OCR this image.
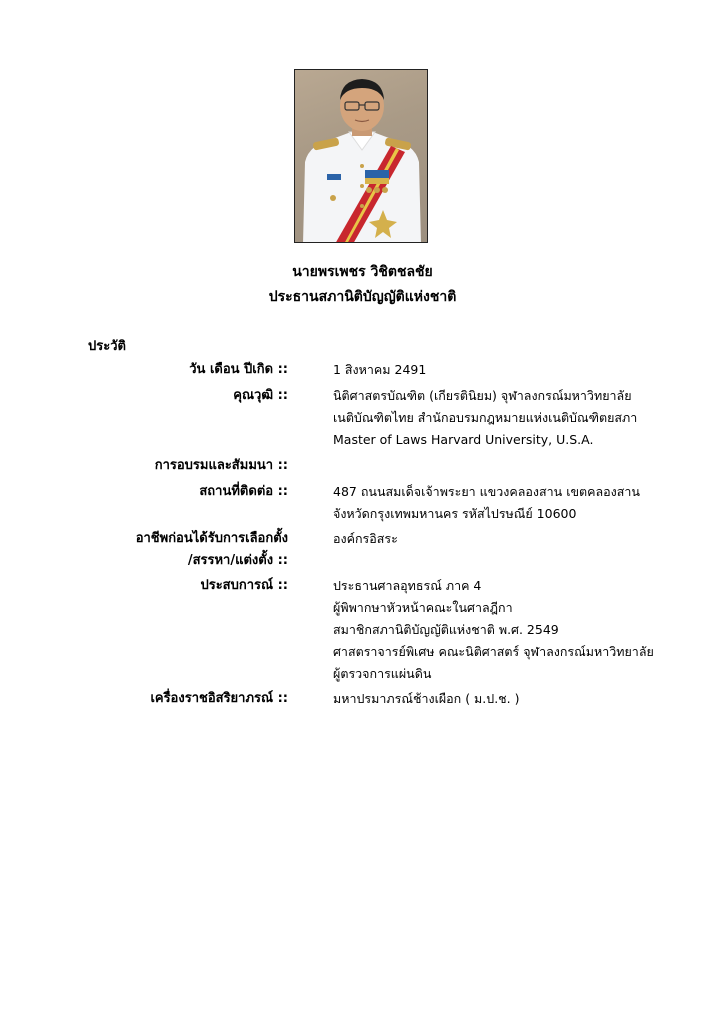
นายพรเพชร วิชิตชลชัย
ประธานสภานิติบัญญัติแห่งชาติ
ประวัติ
วัน เดือน ปีเกิด ::	1 สิงหาคม 2491
คุณวุฒิ ::	นิติศาสตรบัณฑิต (เกียรตินิยม) จุฬาลงกรณ์มหาวิทยาลัย
เนติบัณฑิตไทย สำนักอบรมกฎหมายแห่งเนติบัณฑิตยสภา
Master of Laws Harvard University, U.S.A.
การอบรมและสัมมนา ::
สถานที่ติดต่อ ::	487 ถนนสมเด็จเจ้าพระยา แขวงคลองสาน เขตคลองสาน
จังหวัดกรุงเทพมหานคร รหัสไปรษณีย์ 10600
อาชีพก่อนได้รับการเลือกตั้ง
/สรรหา/แต่งตั้ง ::
องค์กรอิสระ
ประสบการณ์ ::	ประธานศาลอุทธรณ์ ภาค 4
ผู้พิพากษาหัวหน้าคณะในศาลฎีกา
สมาชิกสภานิติบัญญัติแห่งชาติ พ.ศ. 2549
ศาสตราจารย์พิเศษ คณะนิติศาสตร์ จุฬาลงกรณ์มหาวิทยาลัย
ผู้ตรวจการแผ่นดิน
เครื่องราชอิสริยาภรณ์ ::	มหาปรมาภรณ์ช้างเผือก ( ม.ป.ช. )
